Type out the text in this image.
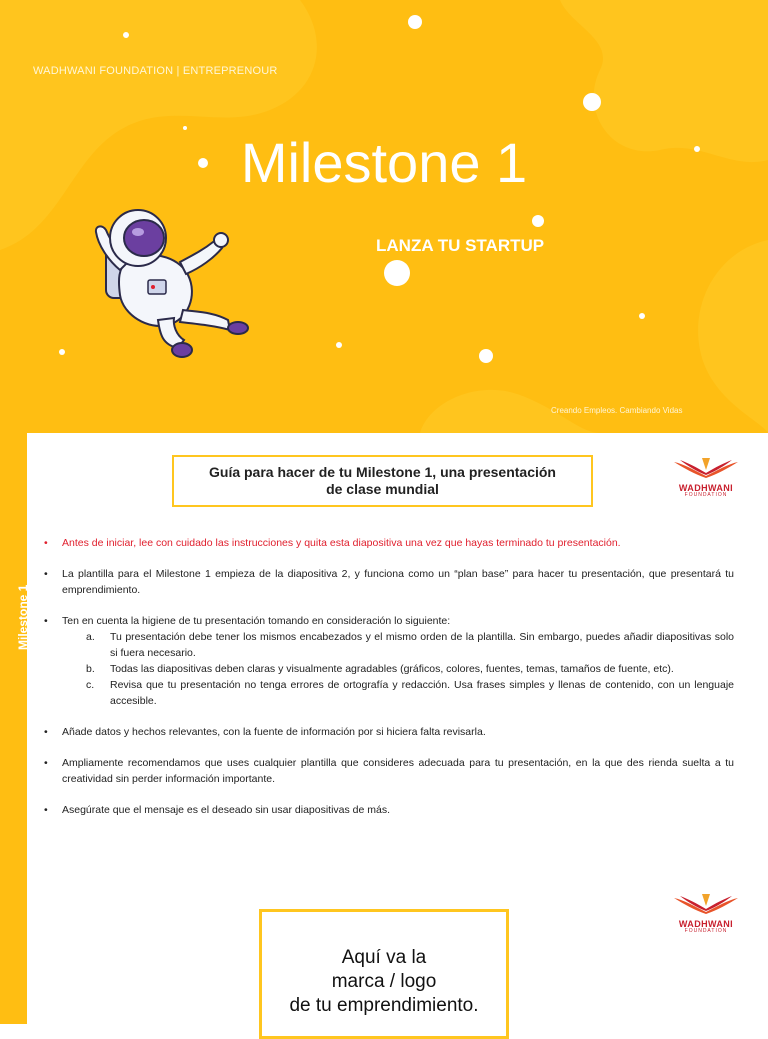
WADHWANI FOUNDATION | ENTREPRENOUR
Milestone 1
LANZA TU STARTUP
Creando Empleos. Cambiando Vidas
Milestone 1
Guía para hacer de tu Milestone 1, una presentación
de clase mundial	WADHWANI
FOUNDATION
• Antes de iniciar, lee con cuidado las instrucciones y quita esta diapositiva una vez que hayas terminado tu presentación.
• La plantilla para el Milestone 1 empieza de la diapositiva 2, y funciona como un “plan base” para hacer tu presentación, que presentará tu emprendimiento.
• Ten en cuenta la higiene de tu presentación tomando en consideración lo siguiente:
a. Tu presentación debe tener los mismos encabezados y el mismo orden de la plantilla. Sin embargo, puedes añadir diapositivas solo si fuera necesario.
b. Todas las diapositivas deben claras y visualmente agradables (gráficos, colores, fuentes, temas, tamaños de fuente, etc).
c. Revisa que tu presentación no tenga errores de ortografía y redacción. Usa frases simples y llenas de contenido, con un lenguaje accesible.
• Añade datos y hechos relevantes, con la fuente de información por si hiciera falta revisarla.
• Ampliamente recomendamos que uses cualquier plantilla que consideres adecuada para tu presentación, en la que des rienda suelta a tu creatividad sin perder información importante.
• Asegúrate que el mensaje es el deseado sin usar diapositivas de más.
WADHWANI
FOUNDATION
Aquí va la
marca / logo
de tu emprendimiento.
